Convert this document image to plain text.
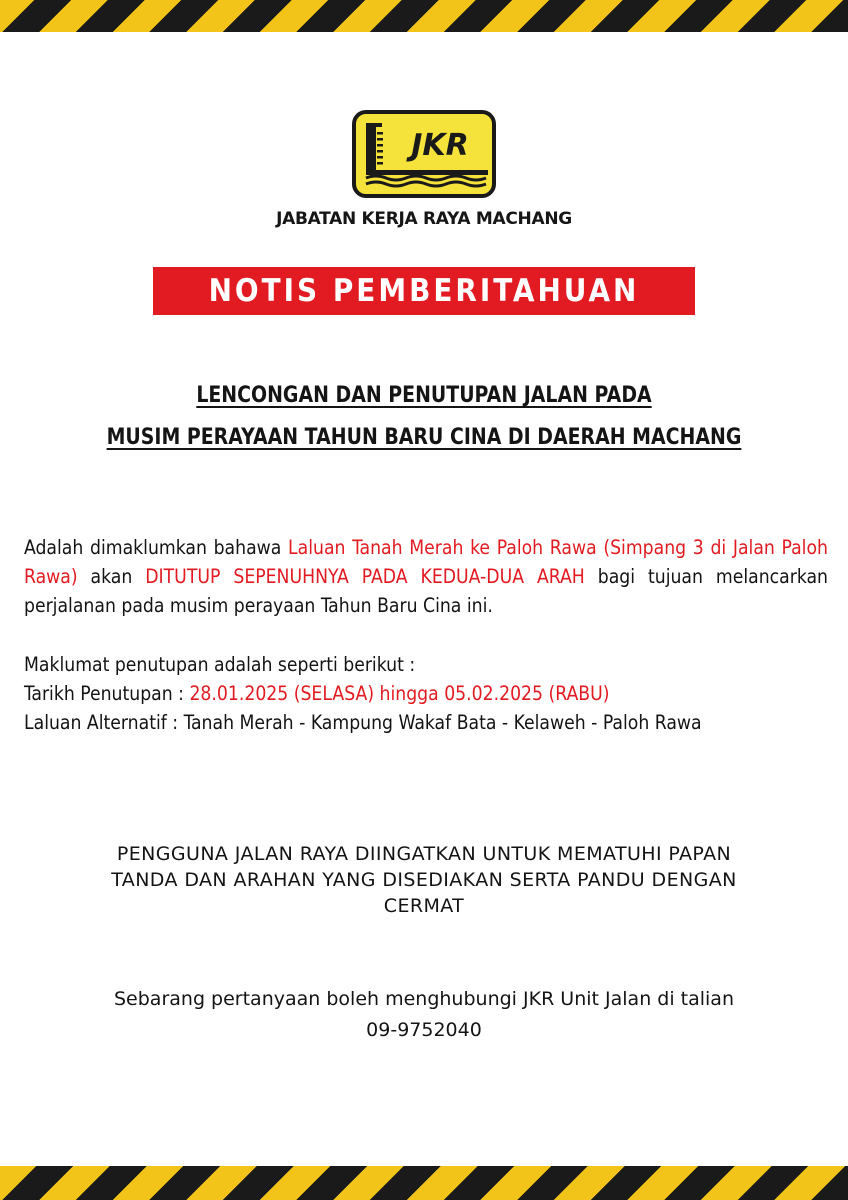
JKR
JABATAN KERJA RAYA MACHANG
NOTIS PEMBERITAHUAN
LENCONGAN DAN PENUTUPAN JALAN PADA
MUSIM PERAYAAN TAHUN BARU CINA DI DAERAH MACHANG
Adalah dimaklumkan bahawa Laluan Tanah Merah ke Paloh Rawa (Simpang 3 di Jalan Paloh Rawa) akan DITUTUP SEPENUHNYA PADA KEDUA-DUA ARAH bagi tujuan melancarkan perjalanan pada musim perayaan Tahun Baru Cina ini.
Maklumat penutupan adalah seperti berikut :
Tarikh Penutupan : 28.01.2025 (SELASA) hingga 05.02.2025 (RABU)
Laluan Alternatif : Tanah Merah - Kampung Wakaf Bata - Kelaweh - Paloh Rawa
PENGGUNA JALAN RAYA DIINGATKAN UNTUK MEMATUHI PAPAN
TANDA DAN ARAHAN YANG DISEDIAKAN SERTA PANDU DENGAN
CERMAT
Sebarang pertanyaan boleh menghubungi JKR Unit Jalan di talian
09-9752040
